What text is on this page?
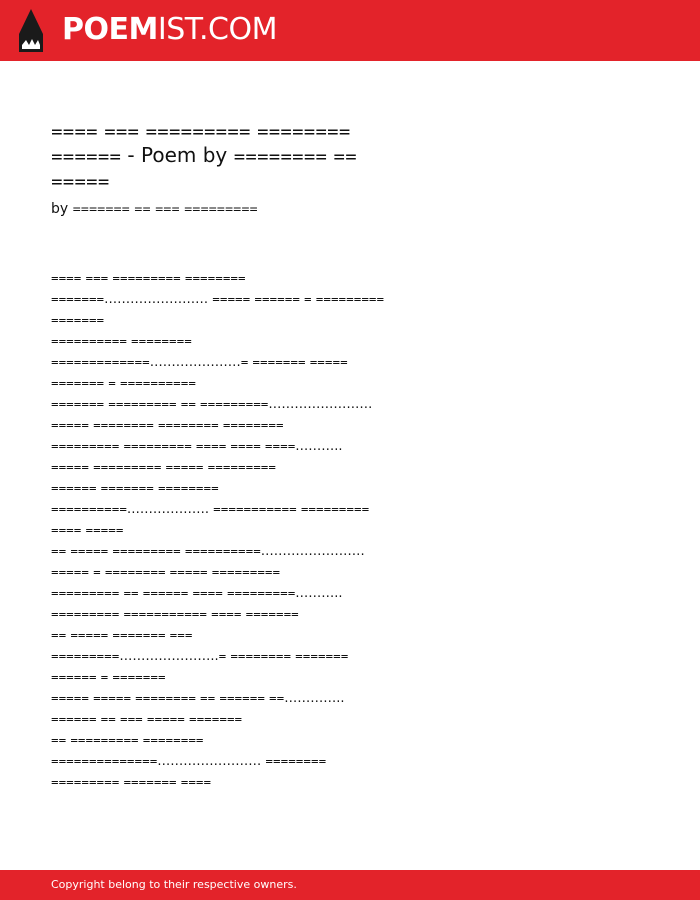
POEMIST.COM
᐀᐀᐀᐀ ᐀᐀᐀ ᐀᐀᐀᐀᐀᐀᐀᐀᐀ ᐀᐀᐀᐀᐀᐀᐀᐀ ᐀᐀᐀᐀᐀᐀ - Poem by ᐀᐀᐀᐀᐀᐀᐀᐀ ᐀᐀ ᐀᐀᐀᐀᐀
by ᐀᐀᐀᐀᐀᐀᐀ ᐀᐀ ᐀᐀᐀ ᐀᐀᐀᐀᐀᐀᐀᐀᐀
᐀᐀᐀᐀ ᐀᐀᐀ ᐀᐀᐀᐀᐀᐀᐀᐀᐀ ᐀᐀᐀᐀᐀᐀᐀᐀
᐀᐀᐀᐀᐀᐀᐀…………………… ᐀᐀᐀᐀᐀ ᐀᐀᐀᐀᐀᐀ ᐀ ᐀᐀᐀᐀᐀᐀᐀᐀᐀
᐀᐀᐀᐀᐀᐀᐀
᐀᐀᐀᐀᐀᐀᐀᐀᐀᐀ ᐀᐀᐀᐀᐀᐀᐀᐀
᐀᐀᐀᐀᐀᐀᐀᐀᐀᐀᐀᐀᐀…………………᐀ ᐀᐀᐀᐀᐀᐀᐀ ᐀᐀᐀᐀᐀
᐀᐀᐀᐀᐀᐀᐀ ᐀ ᐀᐀᐀᐀᐀᐀᐀᐀᐀᐀
᐀᐀᐀᐀᐀᐀᐀ ᐀᐀᐀᐀᐀᐀᐀᐀᐀ ᐀᐀ ᐀᐀᐀᐀᐀᐀᐀᐀᐀……………………
᐀᐀᐀᐀᐀ ᐀᐀᐀᐀᐀᐀᐀᐀ ᐀᐀᐀᐀᐀᐀᐀᐀ ᐀᐀᐀᐀᐀᐀᐀᐀
᐀᐀᐀᐀᐀᐀᐀᐀᐀ ᐀᐀᐀᐀᐀᐀᐀᐀᐀ ᐀᐀᐀᐀ ᐀᐀᐀᐀ ᐀᐀᐀᐀………..
᐀᐀᐀᐀᐀ ᐀᐀᐀᐀᐀᐀᐀᐀᐀ ᐀᐀᐀᐀᐀ ᐀᐀᐀᐀᐀᐀᐀᐀᐀
᐀᐀᐀᐀᐀᐀ ᐀᐀᐀᐀᐀᐀᐀ ᐀᐀᐀᐀᐀᐀᐀᐀
᐀᐀᐀᐀᐀᐀᐀᐀᐀᐀………………. ᐀᐀᐀᐀᐀᐀᐀᐀᐀᐀᐀ ᐀᐀᐀᐀᐀᐀᐀᐀᐀
᐀᐀᐀᐀ ᐀᐀᐀᐀᐀
᐀᐀ ᐀᐀᐀᐀᐀ ᐀᐀᐀᐀᐀᐀᐀᐀᐀ ᐀᐀᐀᐀᐀᐀᐀᐀᐀᐀……………………
᐀᐀᐀᐀᐀ ᐀ ᐀᐀᐀᐀᐀᐀᐀᐀ ᐀᐀᐀᐀᐀ ᐀᐀᐀᐀᐀᐀᐀᐀᐀
᐀᐀᐀᐀᐀᐀᐀᐀᐀ ᐀᐀ ᐀᐀᐀᐀᐀᐀ ᐀᐀᐀᐀ ᐀᐀᐀᐀᐀᐀᐀᐀᐀………..
᐀᐀᐀᐀᐀᐀᐀᐀᐀ ᐀᐀᐀᐀᐀᐀᐀᐀᐀᐀᐀ ᐀᐀᐀᐀ ᐀᐀᐀᐀᐀᐀᐀
᐀᐀ ᐀᐀᐀᐀᐀ ᐀᐀᐀᐀᐀᐀᐀ ᐀᐀᐀
᐀᐀᐀᐀᐀᐀᐀᐀᐀…………………..᐀ ᐀᐀᐀᐀᐀᐀᐀᐀ ᐀᐀᐀᐀᐀᐀᐀
᐀᐀᐀᐀᐀᐀ ᐀ ᐀᐀᐀᐀᐀᐀᐀
᐀᐀᐀᐀᐀ ᐀᐀᐀᐀᐀ ᐀᐀᐀᐀᐀᐀᐀᐀ ᐀᐀ ᐀᐀᐀᐀᐀᐀ ᐀᐀…………..
᐀᐀᐀᐀᐀᐀ ᐀᐀ ᐀᐀᐀ ᐀᐀᐀᐀᐀ ᐀᐀᐀᐀᐀᐀᐀
᐀᐀ ᐀᐀᐀᐀᐀᐀᐀᐀᐀ ᐀᐀᐀᐀᐀᐀᐀᐀
᐀᐀᐀᐀᐀᐀᐀᐀᐀᐀᐀᐀᐀᐀…………………… ᐀᐀᐀᐀᐀᐀᐀᐀
᐀᐀᐀᐀᐀᐀᐀᐀᐀ ᐀᐀᐀᐀᐀᐀᐀ ᐀᐀᐀᐀
Copyright belong to their respective owners.
